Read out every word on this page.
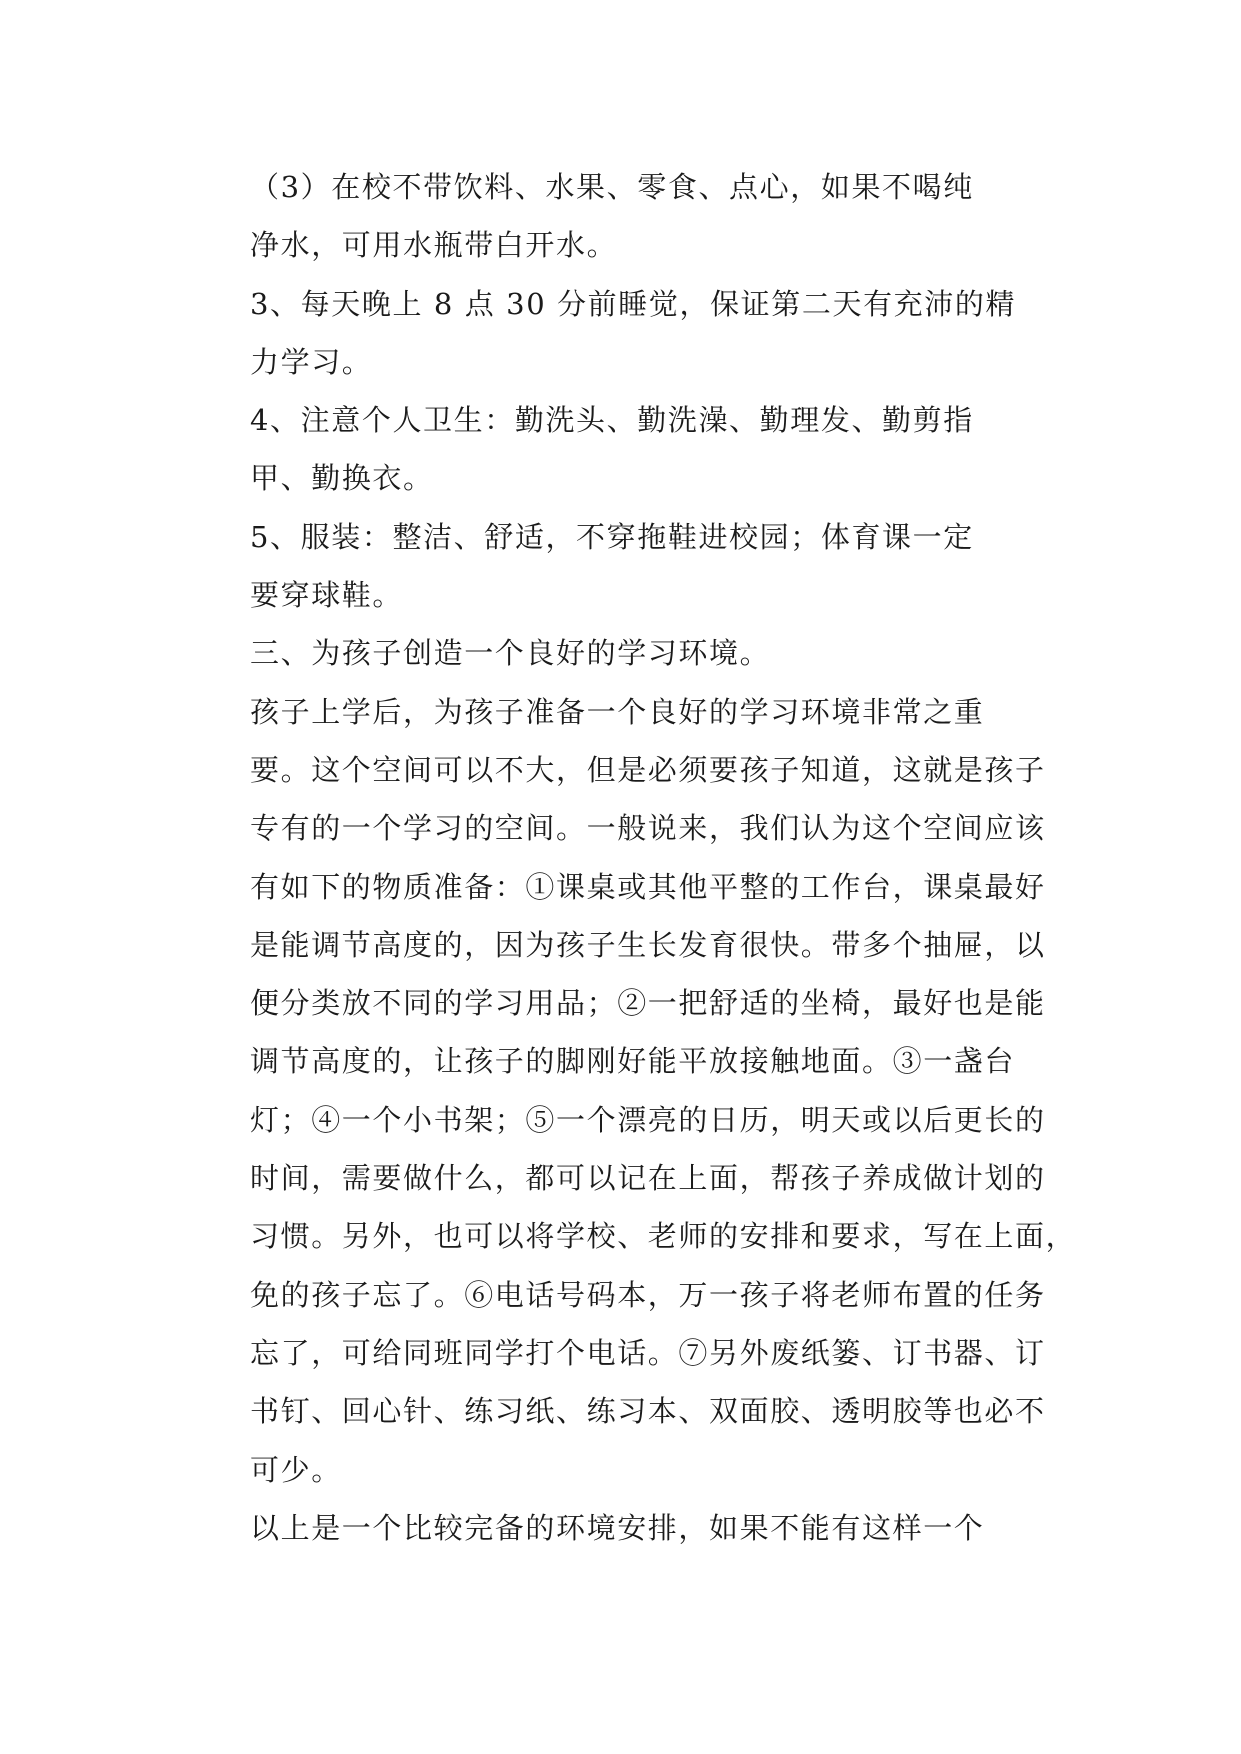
（3）在校不带饮料、水果、零食、点心，如果不喝纯
净水，可用水瓶带白开水。

3、每天晚上 8 点 30 分前睡觉，保证第二天有充沛的精
力学习。

4、注意个人卫生：勤洗头、勤洗澡、勤理发、勤剪指
甲、勤换衣。

5、服装：整洁、舒适，不穿拖鞋进校园；体育课一定
要穿球鞋。

三、为孩子创造一个良好的学习环境。

孩子上学后，为孩子准备一个良好的学习环境非常之重
要。这个空间可以不大，但是必须要孩子知道，这就是孩子
专有的一个学习的空间。一般说来，我们认为这个空间应该
有如下的物质准备：①课桌或其他平整的工作台，课桌最好
是能调节高度的，因为孩子生长发育很快。带多个抽屉，以
便分类放不同的学习用品；②一把舒适的坐椅，最好也是能
调节高度的，让孩子的脚刚好能平放接触地面。③一盏台
灯；④一个小书架；⑤一个漂亮的日历，明天或以后更长的
时间，需要做什么，都可以记在上面，帮孩子养成做计划的
习惯。另外，也可以将学校、老师的安排和要求，写在上面，
免的孩子忘了。⑥电话号码本，万一孩子将老师布置的任务
忘了，可给同班同学打个电话。⑦另外废纸篓、订书器、订
书钉、回心针、练习纸、练习本、双面胶、透明胶等也必不
可少。

以上是一个比较完备的环境安排，如果不能有这样一个
